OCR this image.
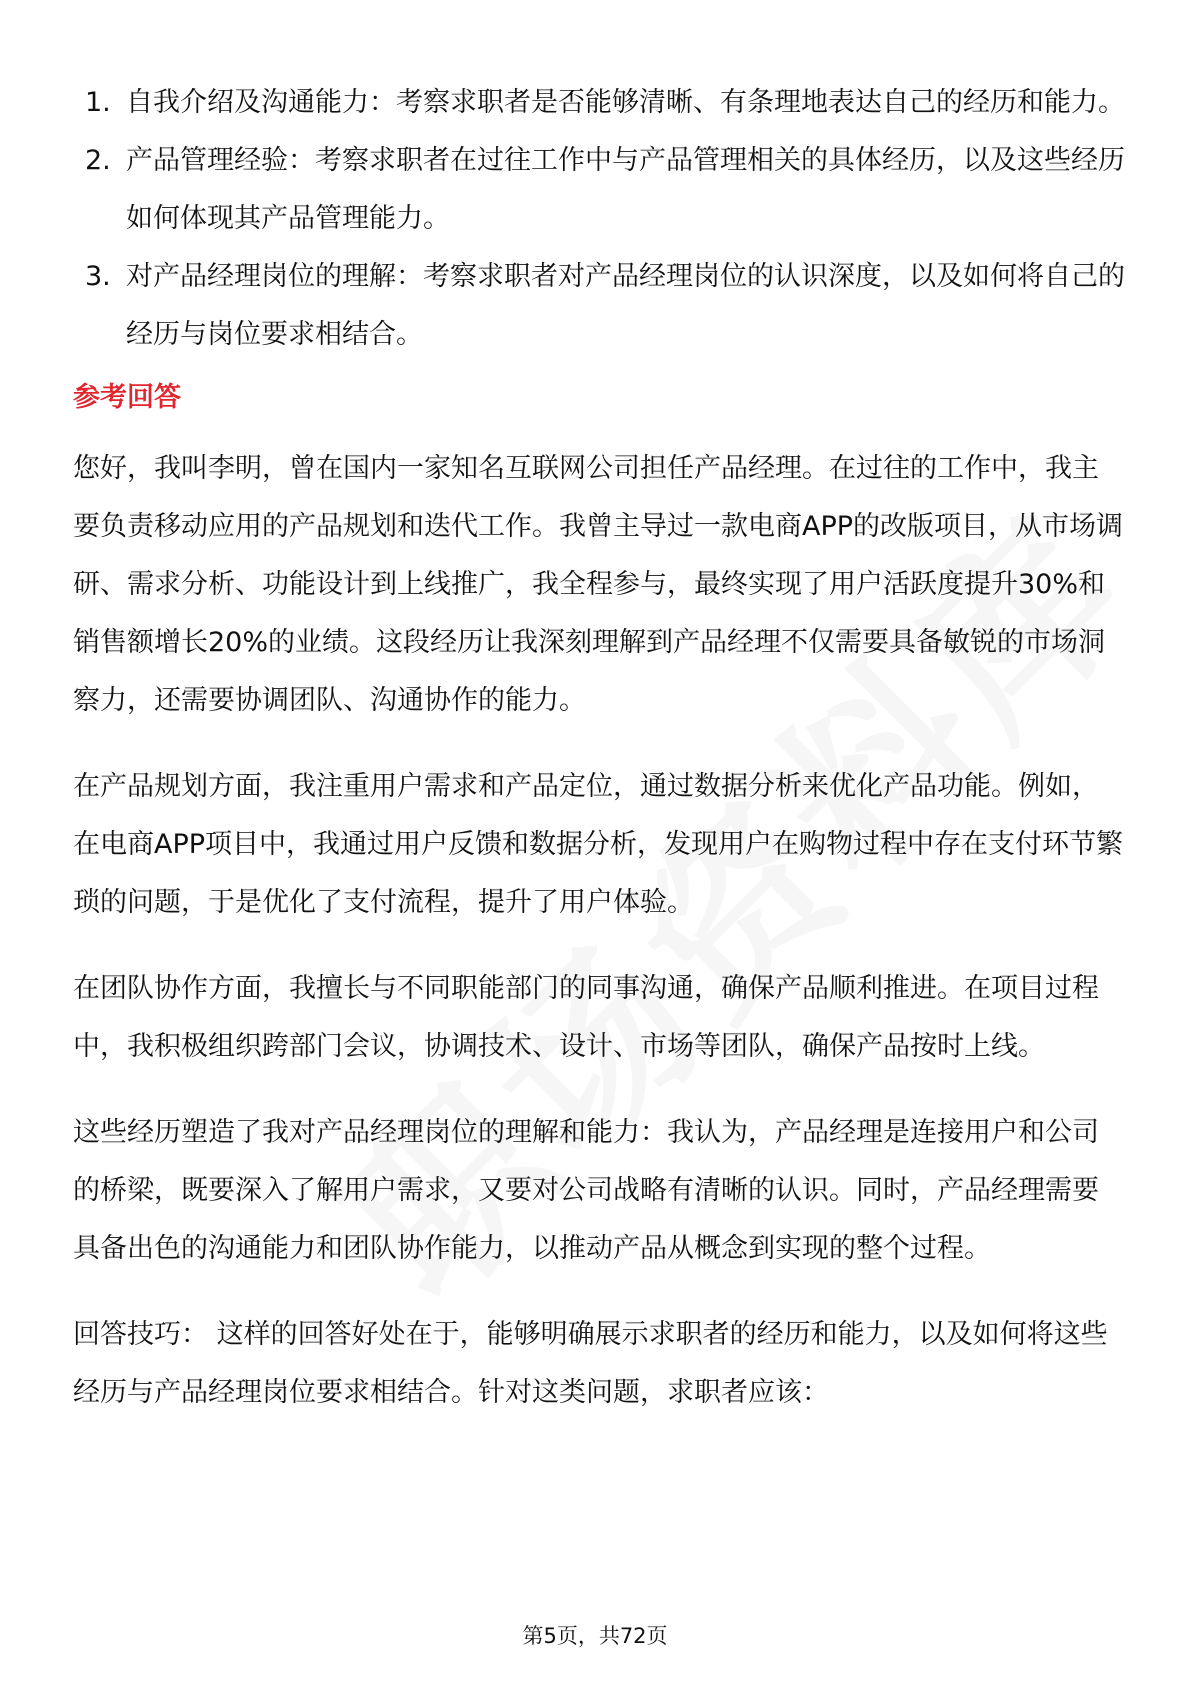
1. 自我介绍及沟通能力：考察求职者是否能够清晰、有条理地表达自己的经历和能力。
2. 产品管理经验：考察求职者在过往工作中与产品管理相关的具体经历，以及这些经历如何体现其产品管理能力。
3. 对产品经理岗位的理解：考察求职者对产品经理岗位的认识深度，以及如何将自己的经历与岗位要求相结合。
参考回答

您好，我叫李明，曾在国内一家知名互联网公司担任产品经理。在过往的工作中，我主要负责移动应用的产品规划和迭代工作。我曾主导过一款电商APP的改版项目，从市场调研、需求分析、功能设计到上线推广，我全程参与，最终实现了用户活跃度提升30%和销售额增长20%的业绩。这段经历让我深刻理解到产品经理不仅需要具备敏锐的市场洞察力，还需要协调团队、沟通协作的能力。

在产品规划方面，我注重用户需求和产品定位，通过数据分析来优化产品功能。例如，在电商APP项目中，我通过用户反馈和数据分析，发现用户在购物过程中存在支付环节繁琐的问题，于是优化了支付流程，提升了用户体验。

在团队协作方面，我擅长与不同职能部门的同事沟通，确保产品顺利推进。在项目过程中，我积极组织跨部门会议，协调技术、设计、市场等团队，确保产品按时上线。

这些经历塑造了我对产品经理岗位的理解和能力：我认为，产品经理是连接用户和公司的桥梁，既要深入了解用户需求，又要对公司战略有清晰的认识。同时，产品经理需要具备出色的沟通能力和团队协作能力，以推动产品从概念到实现的整个过程。

回答技巧： 这样的回答好处在于，能够明确展示求职者的经历和能力，以及如何将这些经历与产品经理岗位要求相结合。针对这类问题，求职者应该：

第5页，共72页
